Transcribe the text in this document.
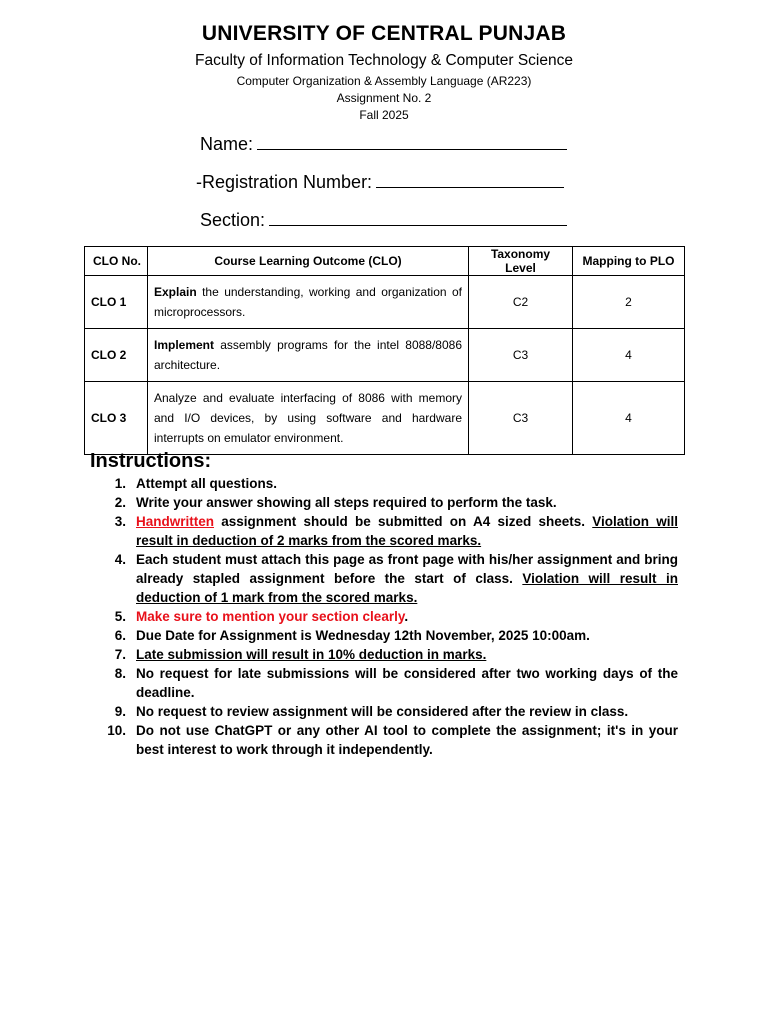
UNIVERSITY OF CENTRAL PUNJAB
Faculty of Information Technology & Computer Science
Computer Organization & Assembly Language (AR223)
Assignment No. 2
Fall 2025
Name:
-Registration Number:
Section:
CLO No.	Course Learning Outcome (CLO)	Taxonomy Level	Mapping to PLO
CLO 1	Explain the understanding, working and organization of microprocessors.	C2	2
CLO 2	Implement assembly programs for the intel 8088/8086 architecture.	C3	4
CLO 3	Analyze and evaluate interfacing of 8086 with memory and I/O devices, by using software and hardware interrupts on emulator environment.	C3	4
Instructions:
1. Attempt all questions.
2. Write your answer showing all steps required to perform the task.
3. Handwritten assignment should be submitted on A4 sized sheets. Violation will result in deduction of 2 marks from the scored marks.
4. Each student must attach this page as front page with his/her assignment and bring already stapled assignment before the start of class. Violation will result in deduction of 1 mark from the scored marks.
5. Make sure to mention your section clearly.
6. Due Date for Assignment is Wednesday 12th November, 2025 10:00am.
7. Late submission will result in 10% deduction in marks.
8. No request for late submissions will be considered after two working days of the deadline.
9. No request to review assignment will be considered after the review in class.
10. Do not use ChatGPT or any other AI tool to complete the assignment; it's in your best interest to work through it independently.
